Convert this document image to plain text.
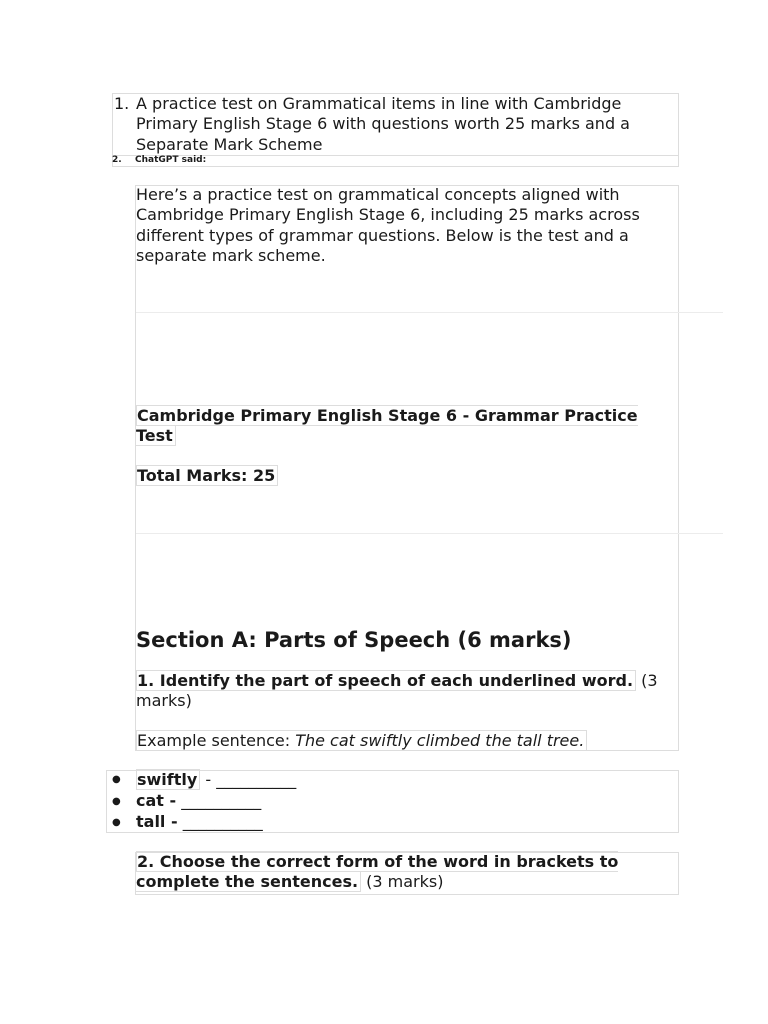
1. A practice test on Grammatical items in line with Cambridge Primary English Stage 6 with questions worth 25 marks and a Separate Mark Scheme

2. ChatGPT said:

Here’s a practice test on grammatical concepts aligned with Cambridge Primary English Stage 6, including 25 marks across different types of grammar questions. Below is the test and a separate mark scheme.

Cambridge Primary English Stage 6 - Grammar Practice Test

Total Marks: 25

Section A: Parts of Speech (6 marks)

1. Identify the part of speech of each underlined word. (3 marks)

Example sentence: The cat swiftly climbed the tall tree.

● swiftly - __________

● cat - __________

● tall - __________

2. Choose the correct form of the word in brackets to complete the sentences. (3 marks)
